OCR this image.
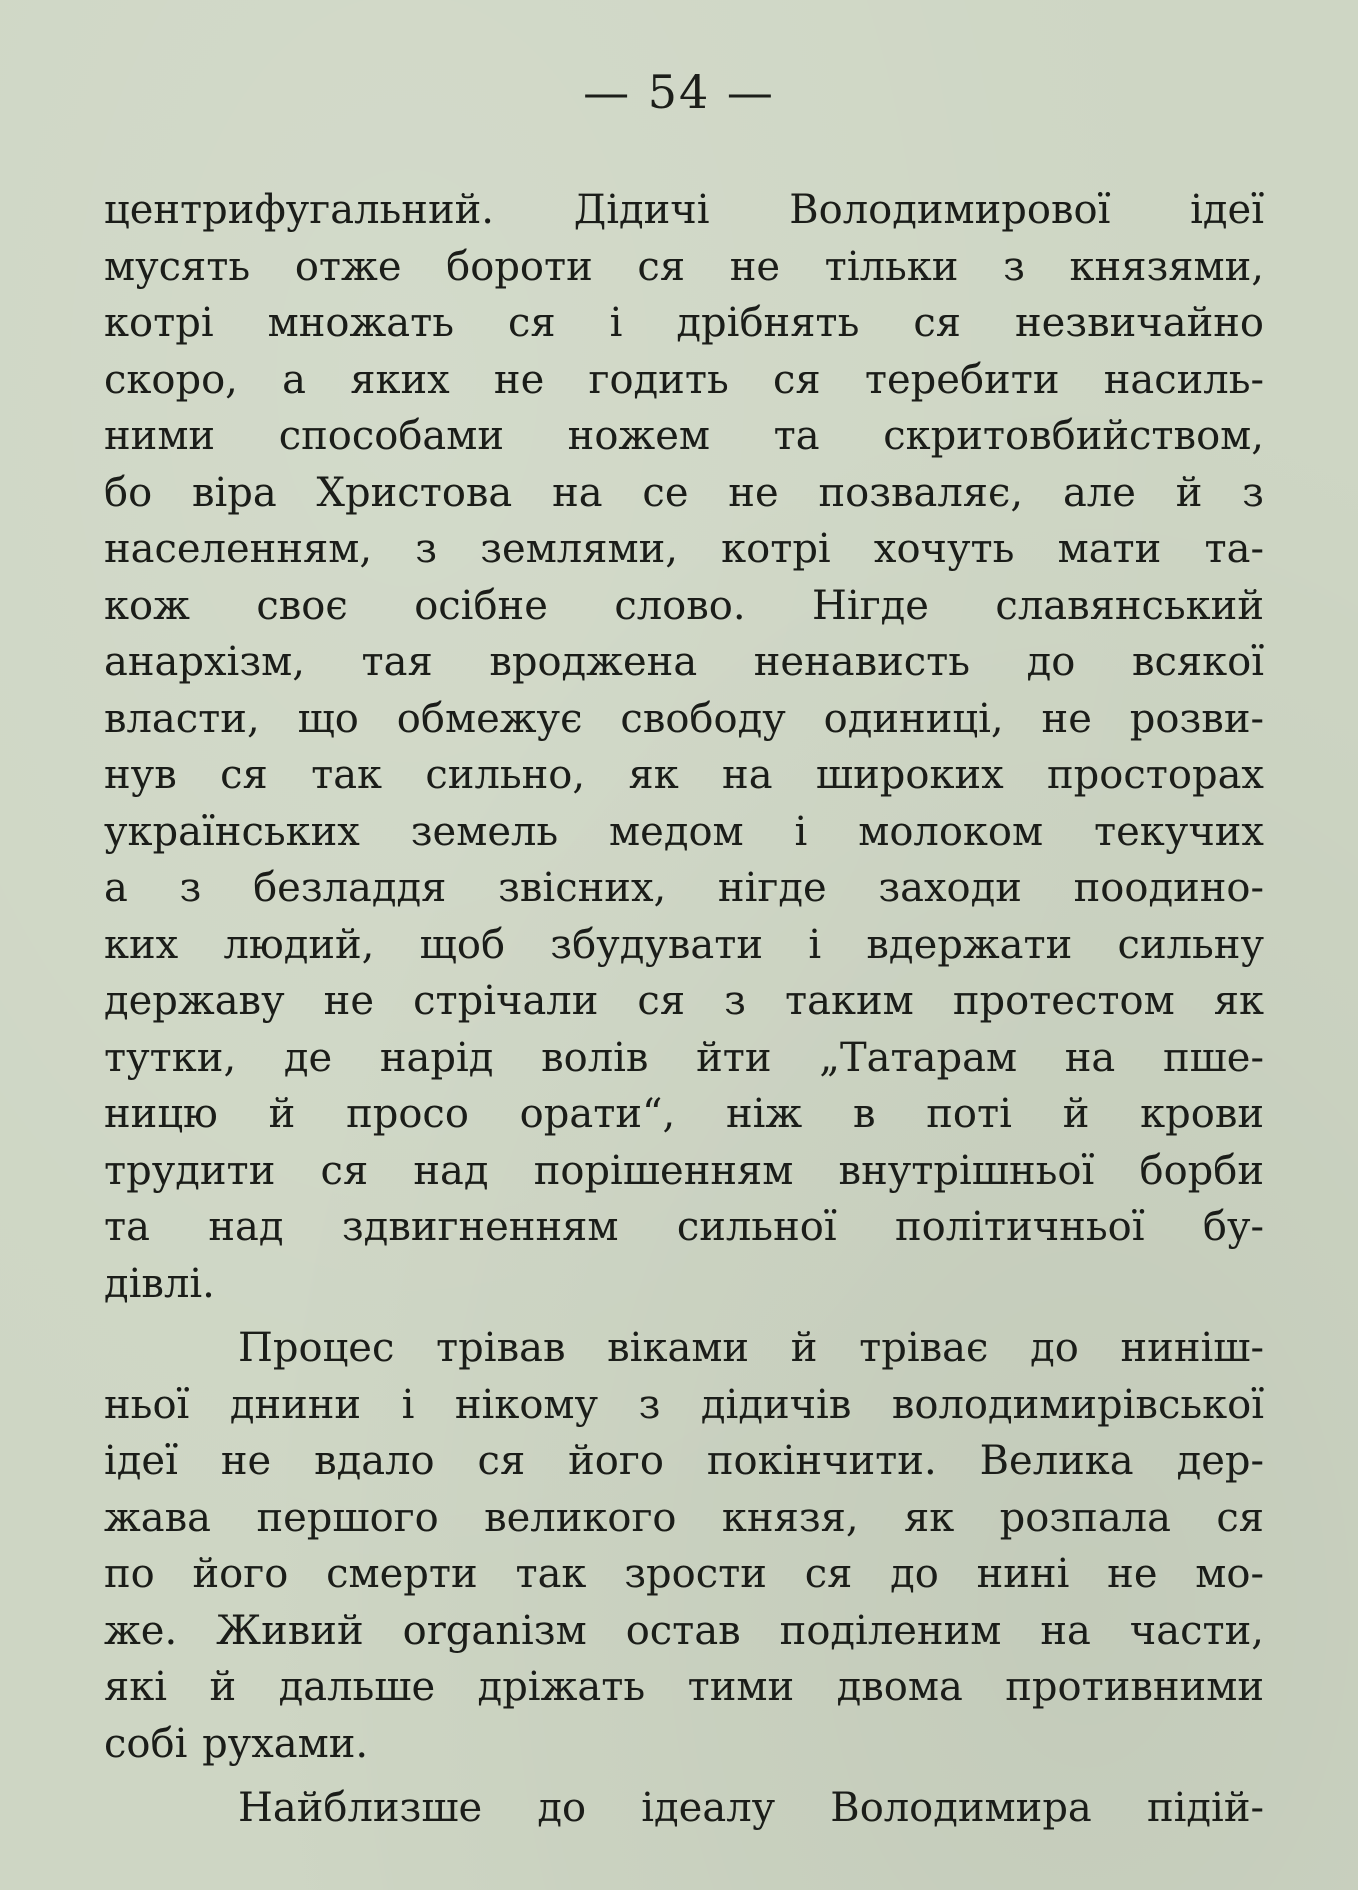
— 54 —
центрифугальний. Дідичі Володимирової ідеї
мусять отже бороти ся не тільки з князями,
котрі множать ся і дрібнять ся незвичайно
скоро, а яких не годить ся теребити насиль-
ними способами ножем та скритовбийством,
бо віра Христова на се не позваляє, але й з
населенням, з землями, котрі хочуть мати та-
кож своє осібне слово. Нігде славянський
анархізм, тая вроджена ненависть до всякої
власти, що обмежує свободу одиниці, не розви-
нув ся так сильно, як на широких просторах
українських земель медом і молоком текучих
а з безладдя звісних, нігде заходи поодино-
ких людий, щоб збудувати і вдержати сильну
державу не стрічали ся з таким протестом як
тутки, де нарід волів йти „Татарам на пше-
ницю й просо орати“, ніж в поті й крови
трудити ся над порішенням внутрішньої борби
та над здвигненням сильної політичньої бу-
дівлі.
Процес трівав віками й тріває до нинiш-
ньої днини і нікому з дідичів володимирівської
ідеї не вдало ся його покінчити. Велика дер-
жава першого великого князя, як розпала ся
по його смерти так зрости ся до нині не мо-
же. Живий organізм остав поділеним на части,
які й дальше дріжать тими двома противними
собі рухами.
Найблизше до ідеалу Володимира підій-
